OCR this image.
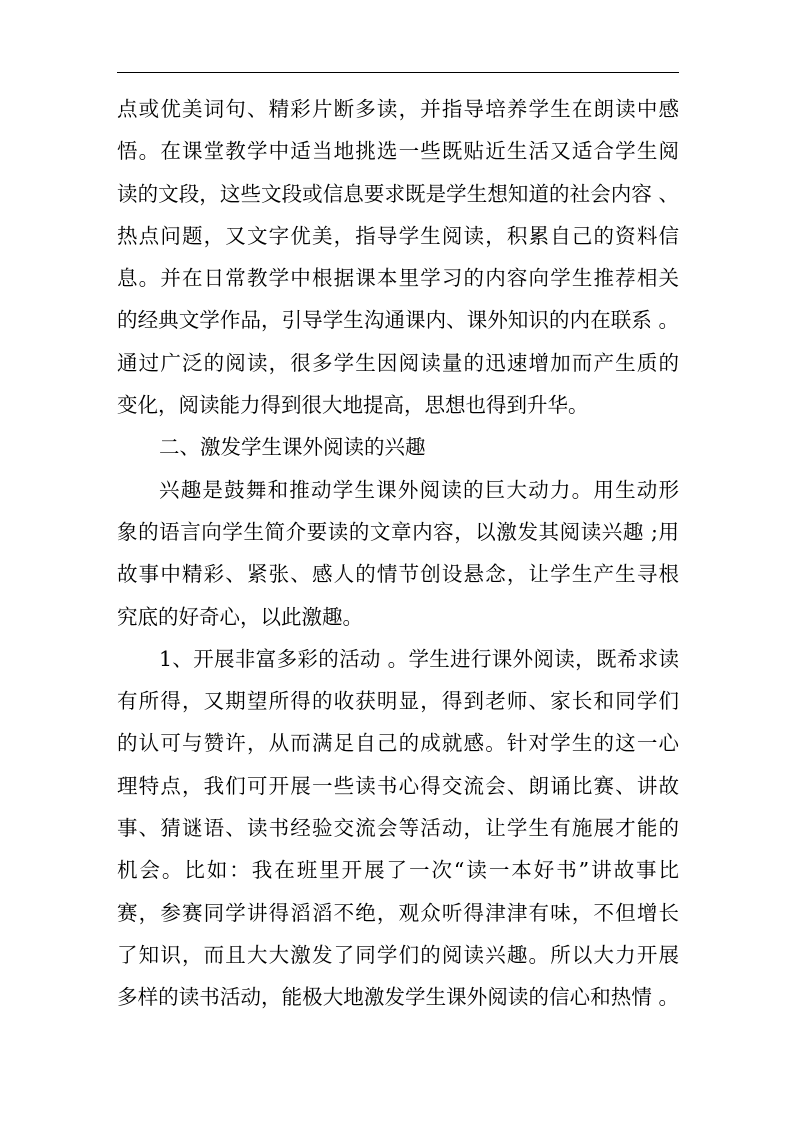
点或优美词句、精彩片断多读，并指导培养学生在朗读中感
悟。在课堂教学中适当地挑选一些既贴近生活又适合学生阅
读的文段，这些文段或信息要求既是学生想知道的社会内容 、
热点问题，又文字优美，指导学生阅读，积累自己的资料信
息。并在日常教学中根据课本里学习的内容向学生推荐相关
的经典文学作品，引导学生沟通课内、课外知识的内在联系 。
通过广泛的阅读，很多学生因阅读量的迅速增加而产生质的
变化，阅读能力得到很大地提高，思想也得到升华。
二、激发学生课外阅读的兴趣
兴趣是鼓舞和推动学生课外阅读的巨大动力。用生动形
象的语言向学生简介要读的文章内容，以激发其阅读兴趣 ;用
故事中精彩、紧张、感人的情节创设悬念，让学生产生寻根
究底的好奇心，以此激趣。
1、开展非富多彩的活动 。学生进行课外阅读，既希求读
有所得，又期望所得的收获明显，得到老师、家长和同学们
的认可与赞许，从而满足自己的成就感。针对学生的这一心
理特点，我们可开展一些读书心得交流会、朗诵比赛、讲故
事、猜谜语、读书经验交流会等活动，让学生有施展才能的
机会。比如：我在班里开展了一次“读一本好书”讲故事比
赛，参赛同学讲得滔滔不绝，观众听得津津有味，不但增长
了知识，而且大大激发了同学们的阅读兴趣。所以大力开展
多样的读书活动，能极大地激发学生课外阅读的信心和热情 。
